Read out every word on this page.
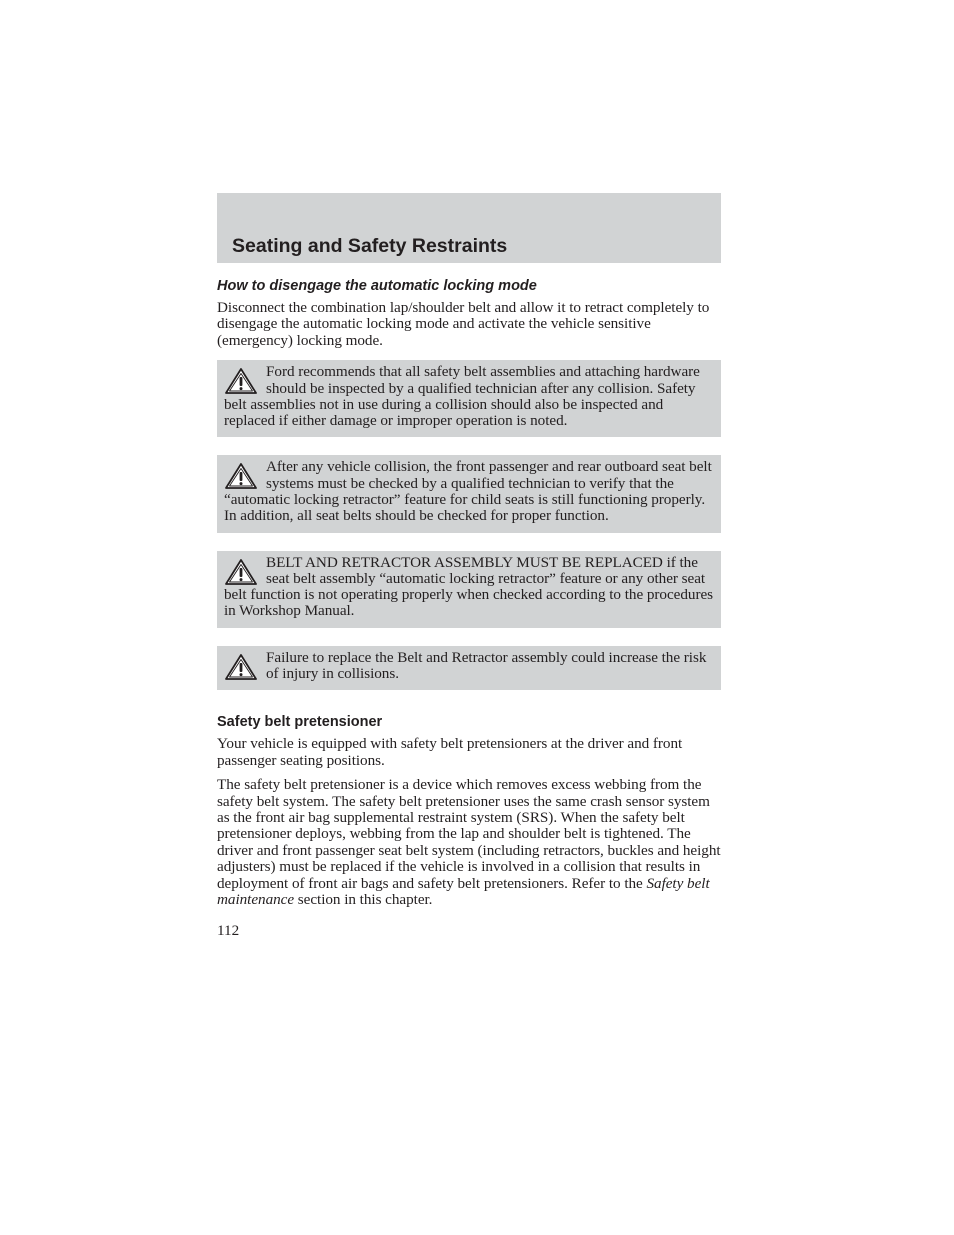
Seating and Safety Restraints
How to disengage the automatic locking mode

Disconnect the combination lap/shoulder belt and allow it to retract completely to disengage the automatic locking mode and activate the vehicle sensitive (emergency) locking mode.

Ford recommends that all safety belt assemblies and attaching hardware should be inspected by a qualified technician after any collision. Safety belt assemblies not in use during a collision should also be inspected and replaced if either damage or improper operation is noted.
After any vehicle collision, the front passenger and rear outboard seat belt systems must be checked by a qualified technician to verify that the “automatic locking retractor” feature for child seats is still functioning properly. In addition, all seat belts should be checked for proper function.
BELT AND RETRACTOR ASSEMBLY MUST BE REPLACED if the seat belt assembly “automatic locking retractor” feature or any other seat belt function is not operating properly when checked according to the procedures in Workshop Manual.
Failure to replace the Belt and Retractor assembly could increase the risk of injury in collisions.
Safety belt pretensioner

Your vehicle is equipped with safety belt pretensioners at the driver and front passenger seating positions.

The safety belt pretensioner is a device which removes excess webbing from the safety belt system. The safety belt pretensioner uses the same crash sensor system as the front air bag supplemental restraint system (SRS). When the safety belt pretensioner deploys, webbing from the lap and shoulder belt is tightened. The driver and front passenger seat belt system (including retractors, buckles and height adjusters) must be replaced if the vehicle is involved in a collision that results in deployment of front air bags and safety belt pretensioners. Refer to the Safety belt maintenance section in this chapter.

112
